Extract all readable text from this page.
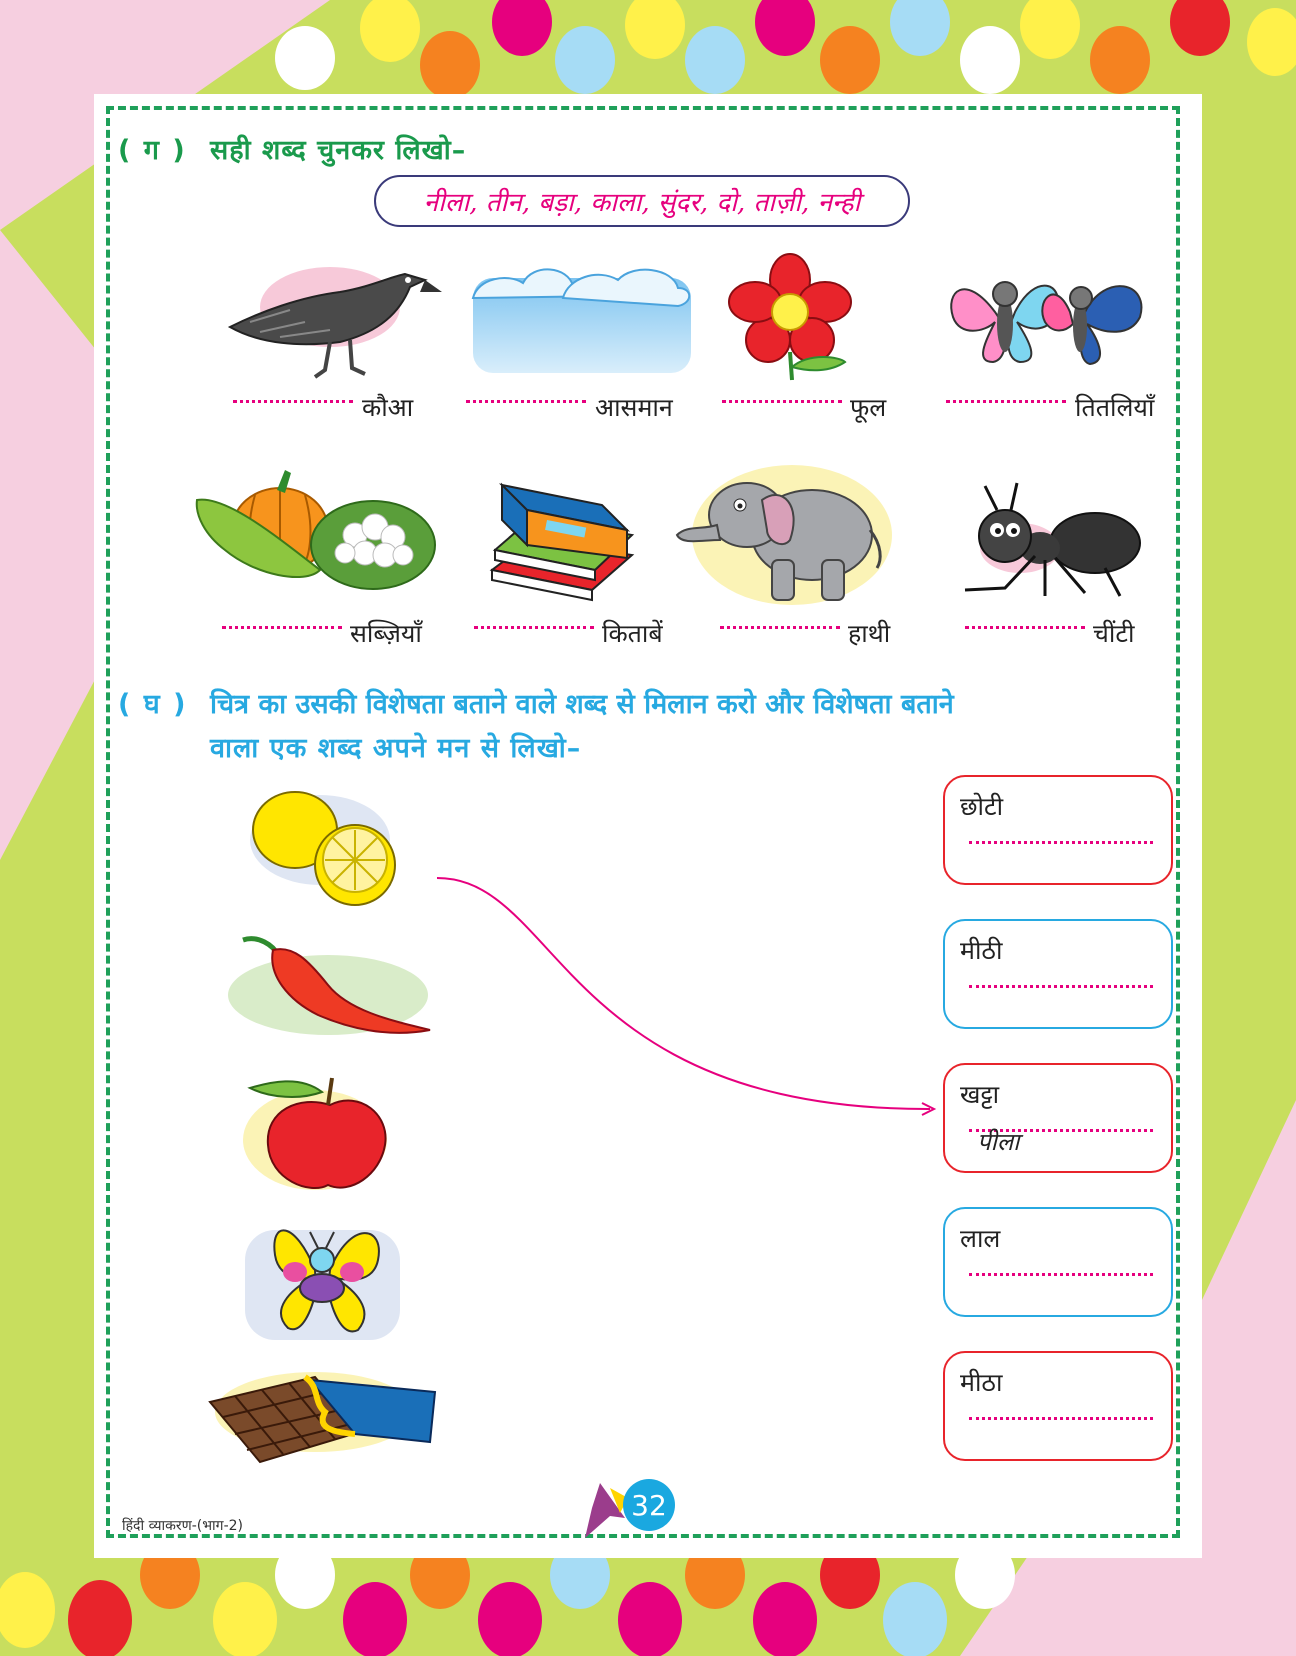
( ग ) सही शब्द चुनकर लिखो–
नीला, तीन, बड़ा, काला, सुंदर, दो, ताज़ी, नन्ही
कौआ	आसमान	फूल	तितलियाँ
सब्ज़ियाँ	किताबें	हाथी	चींटी
( घ ) चित्र का उसकी विशेषता बताने वाले शब्द से मिलान करो और विशेषता बताने
वाला एक शब्द अपने मन से लिखो–
छोटी
मीठी
खट्टा
पीला
लाल
मीठा
हिंदी व्याकरण-(भाग-2)
32
